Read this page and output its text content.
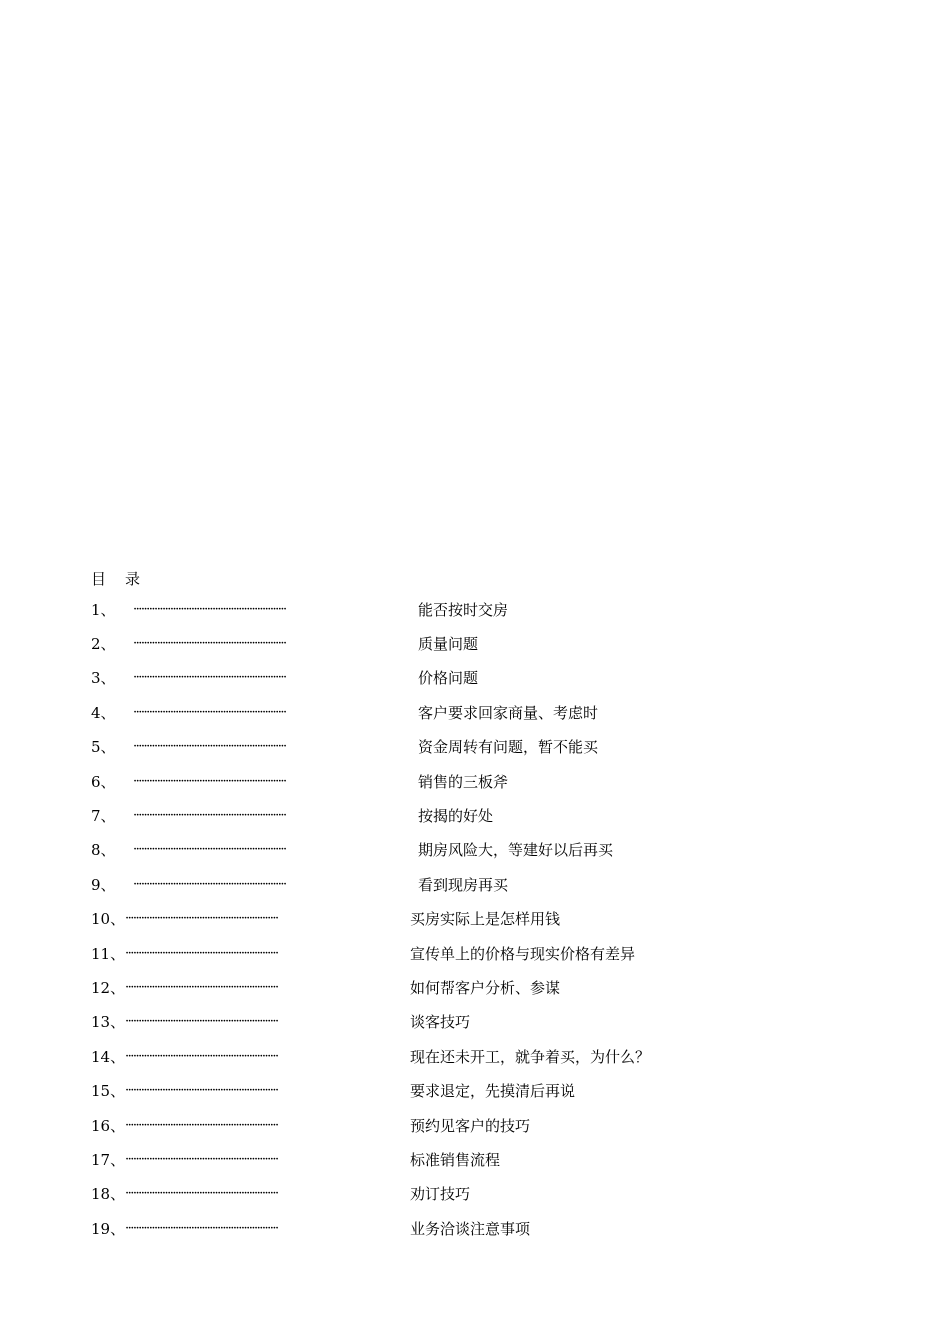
目 录
1、	··························································	能否按时交房
2、	··························································	质量问题
3、	··························································	价格问题
4、	··························································	客户要求回家商量、考虑时
5、	··························································	资金周转有问题，暂不能买
6、	··························································	销售的三板斧
7、	··························································	按揭的好处
8、	··························································	期房风险大，等建好以后再买
9、	··························································	看到现房再买
10、 ··························································	买房实际上是怎样用钱
11、 ··························································	宣传单上的价格与现实价格有差异
12、 ··························································	如何帮客户分析、参谋
13、 ··························································	谈客技巧
14、 ··························································	现在还未开工，就争着买，为什么？
15、 ··························································	要求退定，先摸清后再说
16、 ··························································	预约见客户的技巧
17、 ··························································	标准销售流程
18、 ··························································	劝订技巧
19、 ··························································	业务洽谈注意事项
